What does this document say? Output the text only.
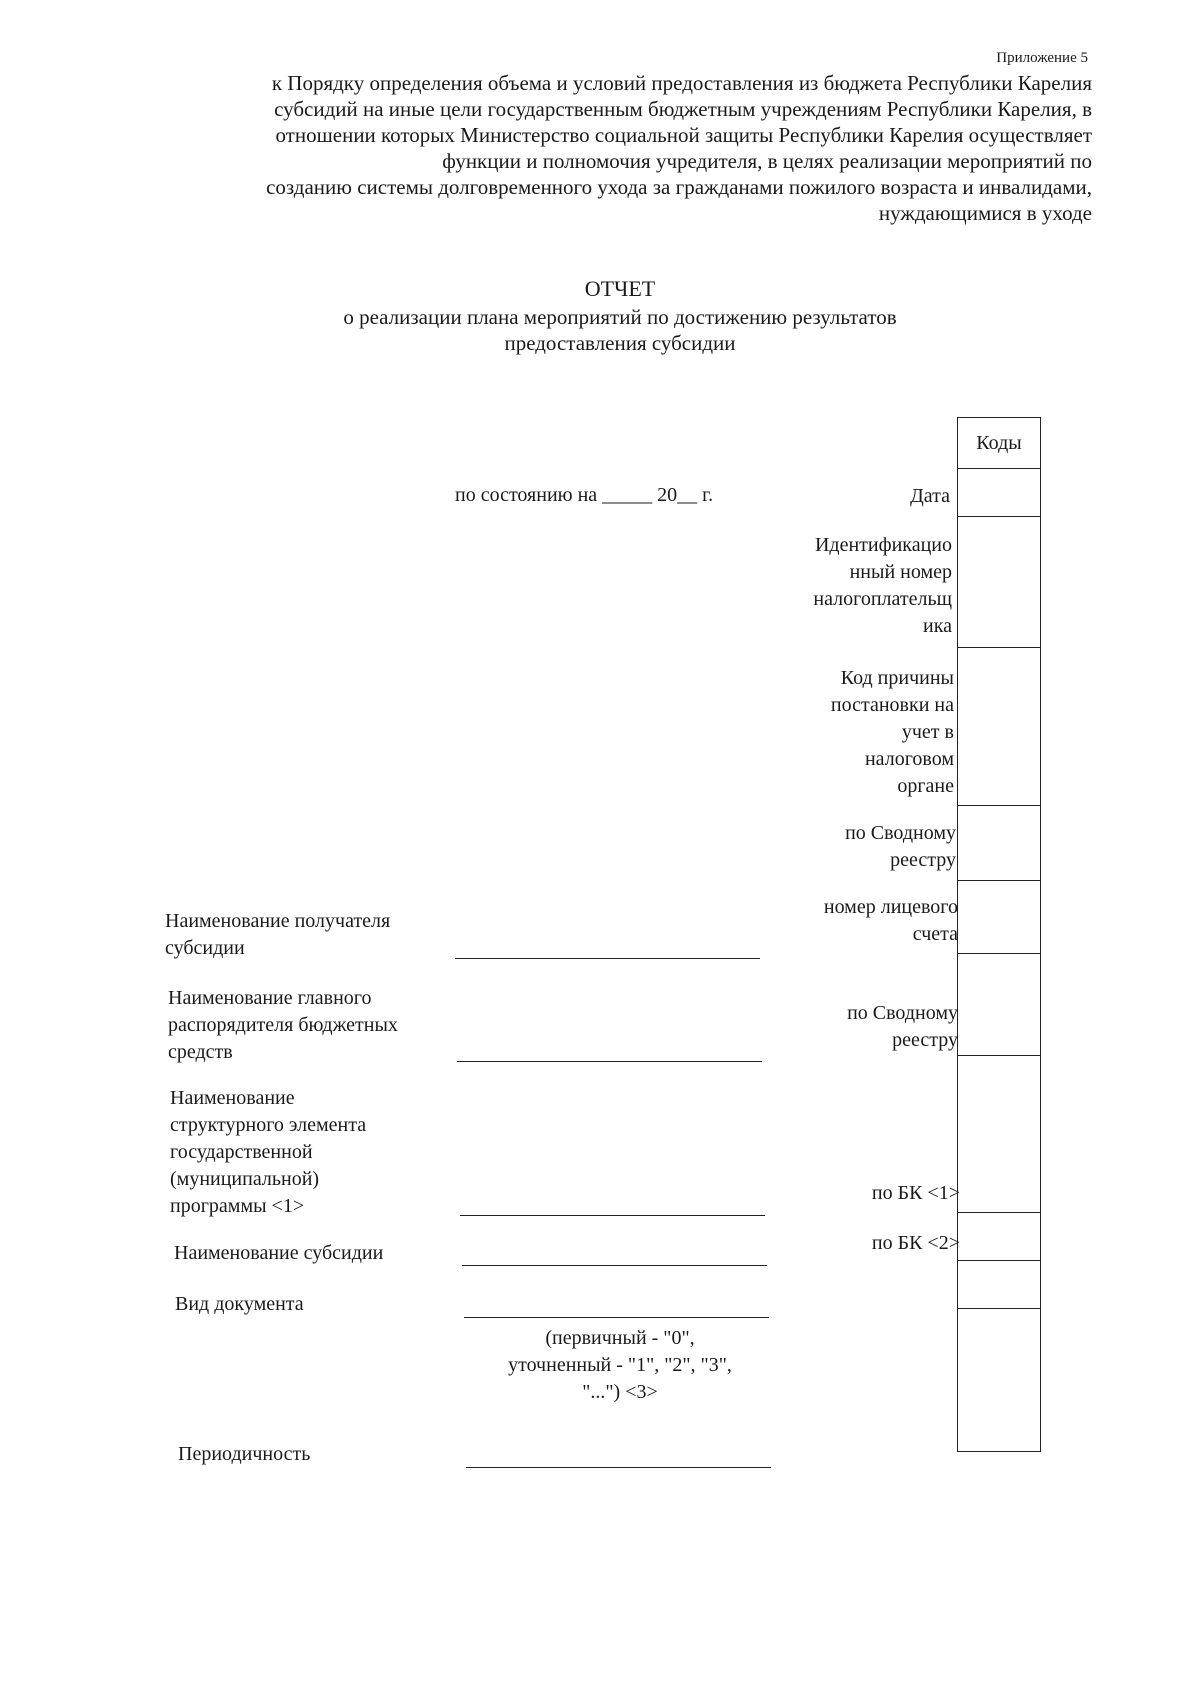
Приложение 5
к Порядку определения объема и условий предоставления из бюджета Республики Карелия
субсидий на иные цели государственным бюджетным учреждениям Республики Карелия, в
отношении которых Министерство социальной защиты Республики Карелия осуществляет
функции и полномочия учредителя, в целях реализации мероприятий по
созданию системы долговременного ухода за гражданами пожилого возраста и инвалидами,
нуждающимися в уходе
ОТЧЕТ
о реализации плана мероприятий по достижению результатов
предоставления субсидии
по состоянию на _____ 20__ г.
Коды
Дата
Идентификацио
нный номер
налогоплательщ
ика
Код причины
постановки на
учет в
налоговом
органе
по Сводному
реестру
номер лицевого
счета
по Сводному
реестру
по БК <1>
по БК <2>
Наименование получателя
субсидии
Наименование главного
распорядителя бюджетных
средств
Наименование
структурного элемента
государственной
(муниципальной)
программы <1>
Наименование субсидии
Вид документа
(первичный - "0",
уточненный - "1", "2", "3",
"...") <3>
Периодичность
